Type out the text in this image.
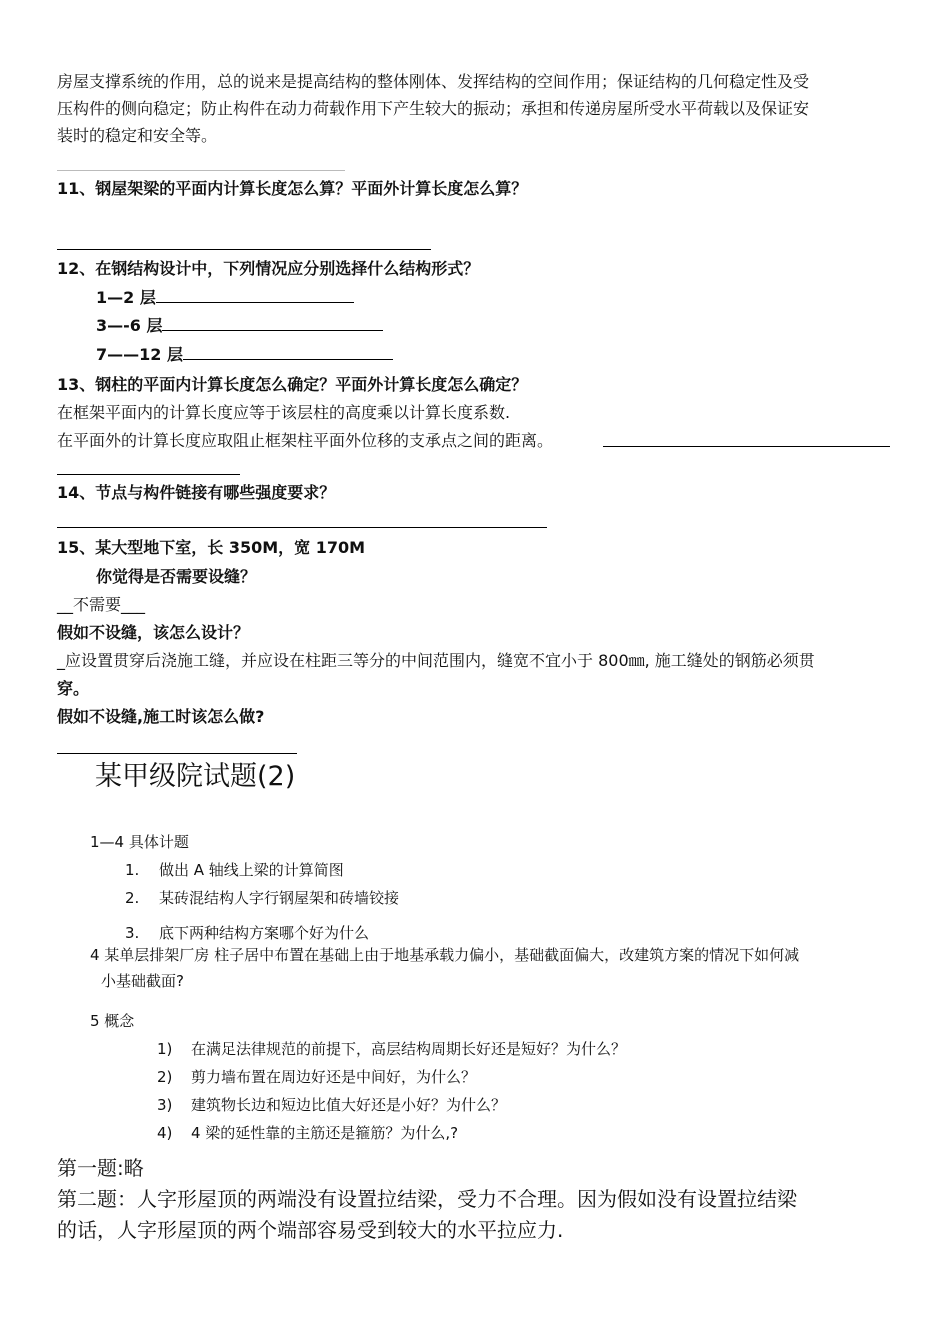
房屋支撑系统的作用，总的说来是提高结构的整体刚体、发挥结构的空间作用；保证结构的几何稳定性及受
压构件的侧向稳定；防止构件在动力荷载作用下产生较大的振动；承担和传递房屋所受水平荷载以及保证安
装时的稳定和安全等。
11、钢屋架梁的平面内计算长度怎么算？平面外计算长度怎么算？
12、在钢结构设计中，下列情况应分别选择什么结构形式？
1—2 层
3—-6 层
7——12 层
13、钢柱的平面内计算长度怎么确定？平面外计算长度怎么确定？
在框架平面内的计算长度应等于该层柱的高度乘以计算长度系数.
在平面外的计算长度应取阻止框架柱平面外位移的支承点之间的距离。
14、节点与构件链接有哪些强度要求？
15、某大型地下室，长 350M，宽 170M
你觉得是否需要设缝？
__不需要___
假如不设缝，该怎么设计？
_应设置贯穿后浇施工缝，并应设在柱距三等分的中间范围内，缝宽不宜小于 800㎜, 施工缝处的钢筋必须贯
穿。
假如不设缝,施工时该怎么做?
某甲级院试题(2)
1—4 具体计题
1. 做出 A 轴线上梁的计算简图
2. 某砖混结构人字行钢屋架和砖墙铰接
3. 底下两种结构方案哪个好为什么
4 某单层排架厂房 柱子居中布置在基础上由于地基承载力偏小，基础截面偏大，改建筑方案的情况下如何减
小基础截面?
5 概念
1) 在满足法律规范的前提下，高层结构周期长好还是短好？为什么？
2) 剪力墙布置在周边好还是中间好，为什么？
3) 建筑物长边和短边比值大好还是小好？为什么？
4) 4 梁的延性靠的主筋还是箍筋？为什么,?
第一题:略
第二题：人字形屋顶的两端没有设置拉结梁，受力不合理。因为假如没有设置拉结梁
的话，人字形屋顶的两个端部容易受到较大的水平拉应力.
